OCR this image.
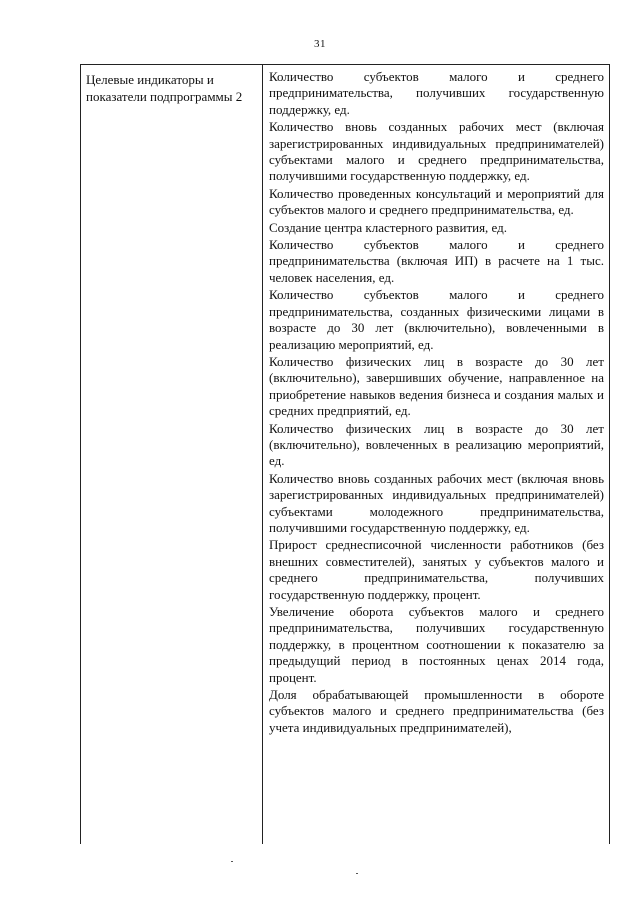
31
Целевые индикаторы и показатели подпрограммы 2

Количество субъектов малого и среднего предпринимательства, получивших государственную поддержку, ед.

Количество вновь созданных рабочих мест (включая зарегистрированных индивидуальных предпринимателей) субъектами малого и среднего предпринимательства, получившими государственную поддержку, ед.

Количество проведенных консультаций и мероприятий для субъектов малого и среднего предпринимательства, ед.

Создание центра кластерного развития, ед.

Количество субъектов малого и среднего предпринимательства (включая ИП) в расчете на 1 тыс. человек населения, ед.

Количество субъектов малого и среднего предпринимательства, созданных физическими лицами в возрасте до 30 лет (включительно), вовлеченными в реализацию мероприятий, ед.

Количество физических лиц в возрасте до 30 лет (включительно), завершивших обучение, направленное на приобретение навыков ведения бизнеса и создания малых и средних предприятий, ед.

Количество физических лиц в возрасте до 30 лет (включительно), вовлеченных в реализацию мероприятий, ед.

Количество вновь созданных рабочих мест (включая вновь зарегистрированных индивидуальных предпринимателей) субъектами молодежного предпринимательства, получившими государственную поддержку, ед.

Прирост среднесписочной численности работников (без внешних совместителей), занятых у субъектов малого и среднего предпринимательства, получивших государственную поддержку, процент.

Увеличение оборота субъектов малого и среднего предпринимательства, получивших государственную поддержку, в процентном соотношении к показателю за предыдущий период в постоянных ценах 2014 года, процент.

Доля обрабатывающей промышленности в обороте субъектов малого и среднего предпринимательства (без учета индивидуальных предпринимателей),
